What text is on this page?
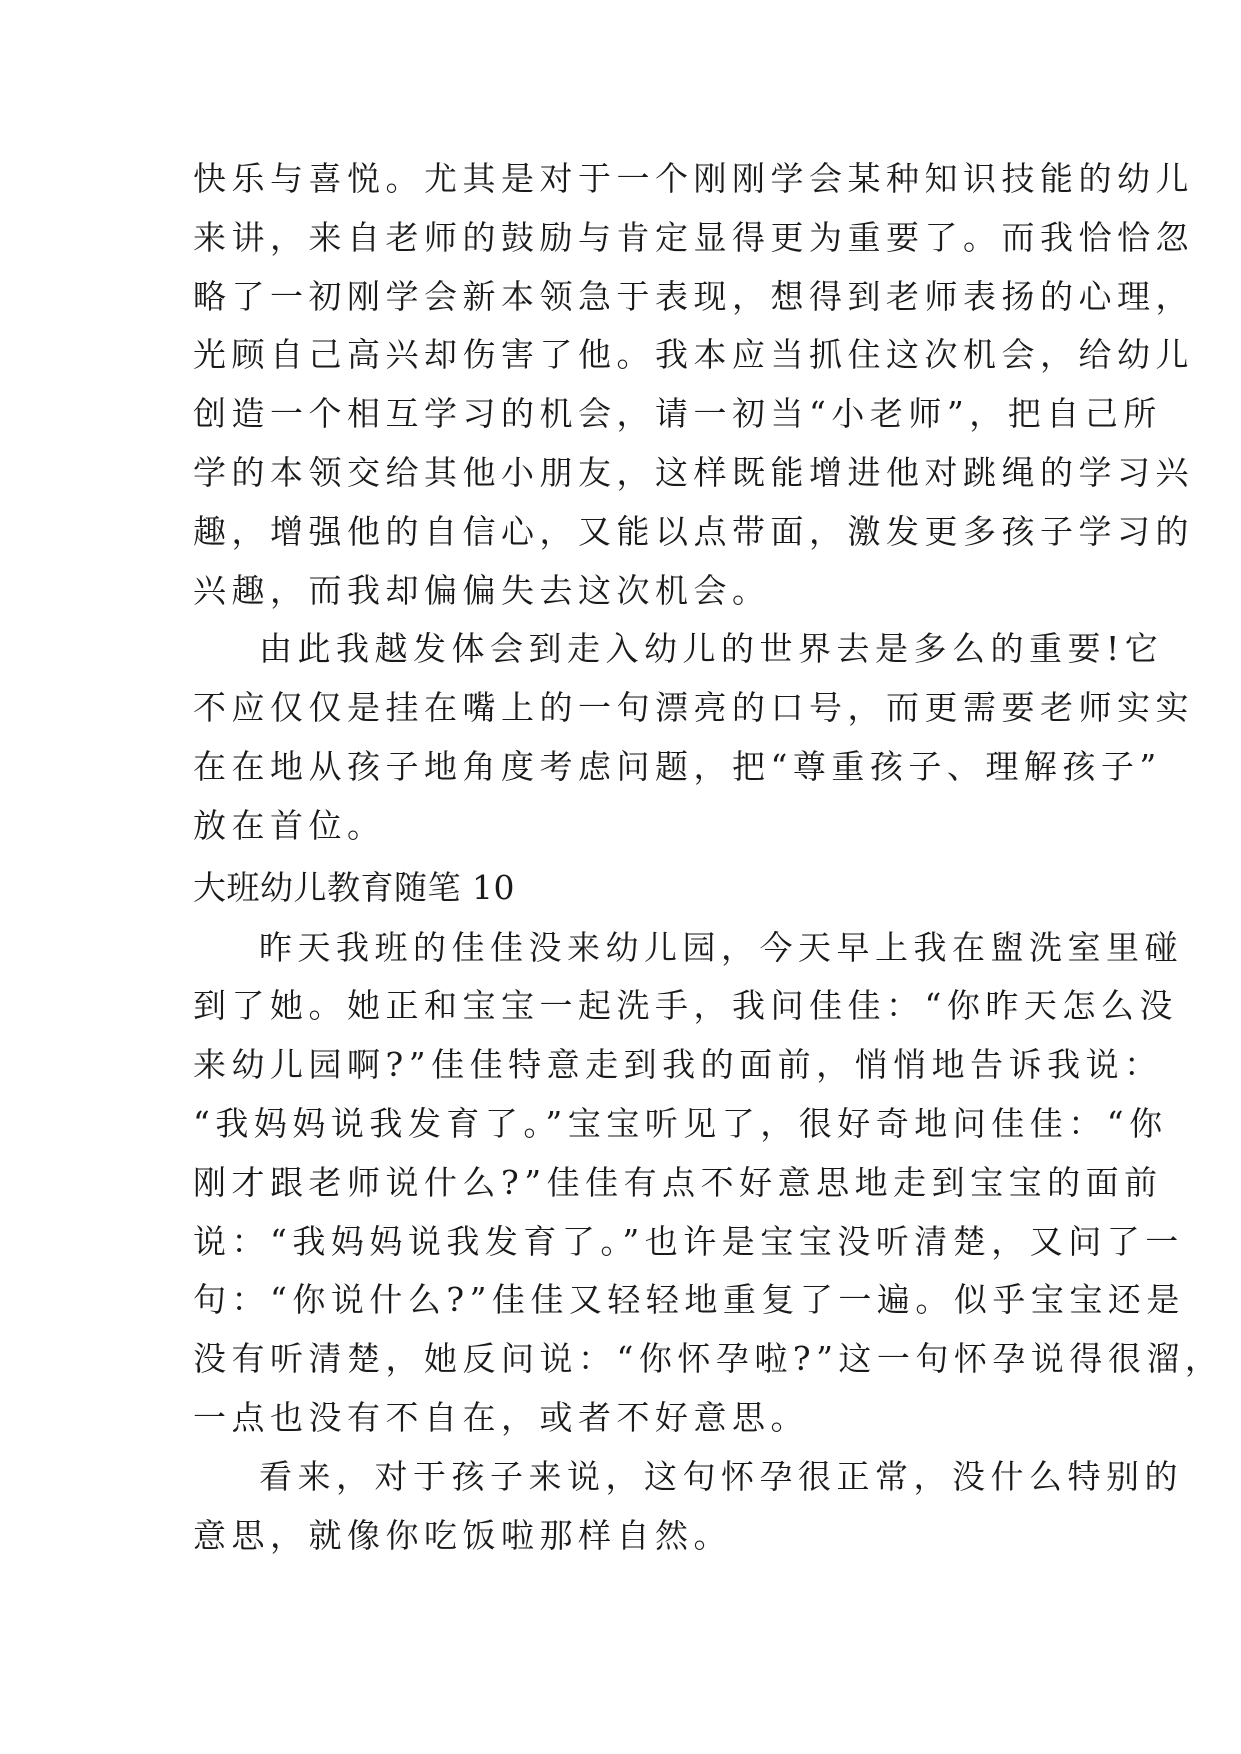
快乐与喜悦。尤其是对于一个刚刚学会某种知识技能的幼儿
来讲，来自老师的鼓励与肯定显得更为重要了。而我恰恰忽
略了一初刚学会新本领急于表现，想得到老师表扬的心理，
光顾自己高兴却伤害了他。我本应当抓住这次机会，给幼儿
创造一个相互学习的机会，请一初当“小老师”，把自己所
学的本领交给其他小朋友，这样既能增进他对跳绳的学习兴
趣，增强他的自信心，又能以点带面，激发更多孩子学习的
兴趣，而我却偏偏失去这次机会。
由此我越发体会到走入幼儿的世界去是多么的重要!它
不应仅仅是挂在嘴上的一句漂亮的口号，而更需要老师实实
在在地从孩子地角度考虑问题，把“尊重孩子、理解孩子”
放在首位。
大班幼儿教育随笔 10
昨天我班的佳佳没来幼儿园，今天早上我在盥洗室里碰
到了她。她正和宝宝一起洗手，我问佳佳：“你昨天怎么没
来幼儿园啊?”佳佳特意走到我的面前，悄悄地告诉我说：
“我妈妈说我发育了。”宝宝听见了，很好奇地问佳佳：“你
刚才跟老师说什么?”佳佳有点不好意思地走到宝宝的面前
说：“我妈妈说我发育了。”也许是宝宝没听清楚，又问了一
句：“你说什么?”佳佳又轻轻地重复了一遍。似乎宝宝还是
没有听清楚，她反问说：“你怀孕啦?”这一句怀孕说得很溜，
一点也没有不自在，或者不好意思。
看来，对于孩子来说，这句怀孕很正常，没什么特别的
意思，就像你吃饭啦那样自然。
